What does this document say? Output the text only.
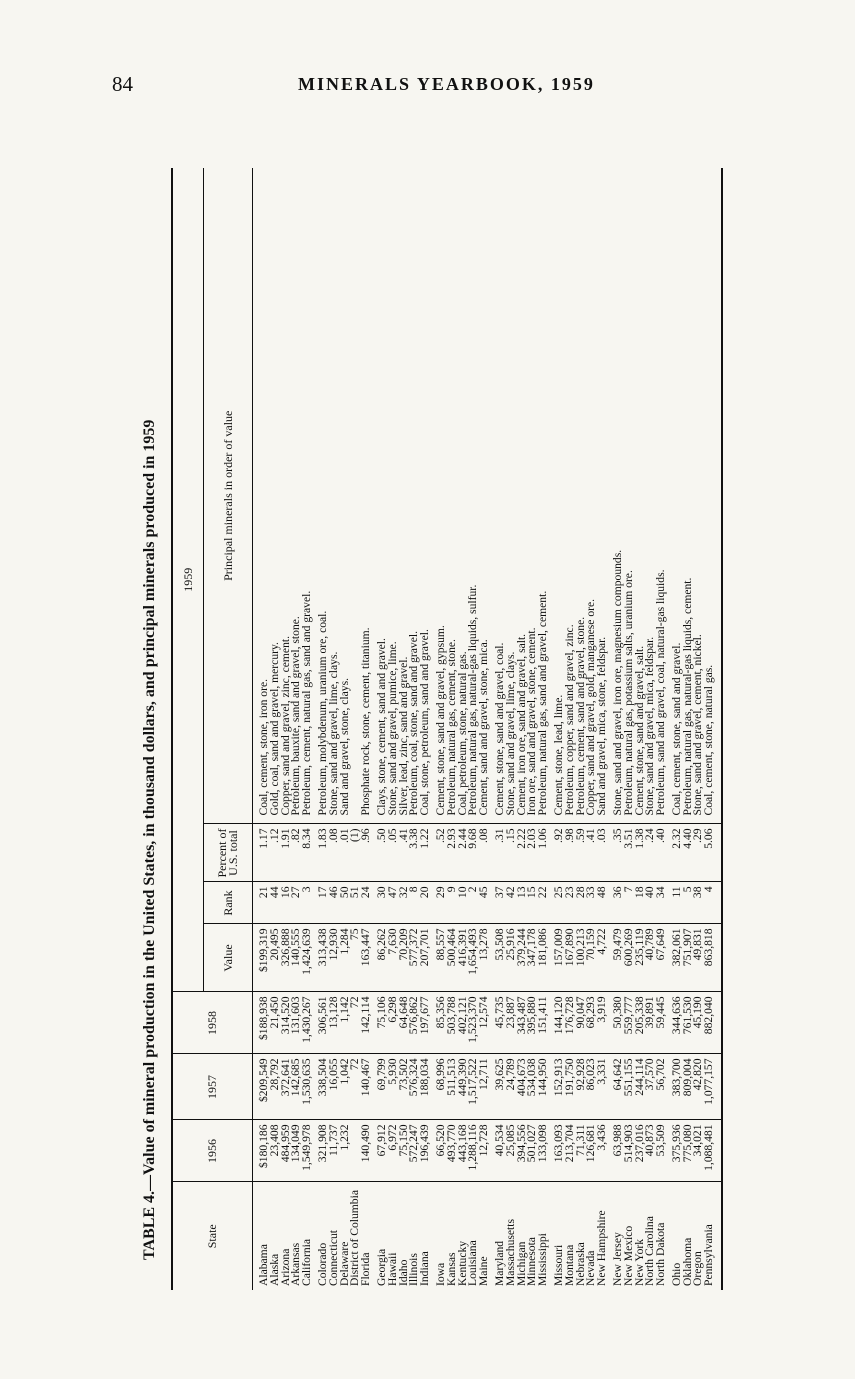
84	MINERALS YEARBOOK, 1959
TABLE 4.—Value of mineral production in the United States, in thousand dollars, and principal minerals produced in 1959	State	1956	1957	1958	1959			
				Value	Rank	Percent of U.S. total	Principal minerals in order of value
Alabama	$180,186	$209,549	$188,938	$199,319	21	1.17	Coal, cement, stone, iron ore.
Alaska	23,408	28,792	21,450	20,495	44	.12	Gold, coal, sand and gravel, mercury.
Arizona	484,959	372,641	314,520	326,888	16	1.91	Copper, sand and gravel, zinc, cement.
Arkansas	134,049	142,685	131,603	140,555	27	.82	Petroleum, bauxite, sand and gravel, stone.
California	1,549,978	1,530,635	1,430,267	1,424,639	3	8.34	Petroleum, cement, natural gas, sand and gravel.
Colorado	321,908	338,504	306,561	313,438	17	1.83	Petroleum, molybdenum, uranium ore, coal.
Connecticut	11,737	16,055	13,128	12,930	46	.08	Stone, sand and gravel, lime, clays.
Delaware	1,232	1,042	1,142	1,284	50	.01	Sand and gravel, stone, clays.
District of Columbia		72	72	75	51	(1)	
Florida	140,490	140,467	142,114	163,447	24	.96	Phosphate rock, stone, cement, titanium.
Georgia	67,912	69,799	75,106	86,262	30	.50	Clays, stone, cement, sand and gravel.
Hawaii	6,972	5,930	6,298	7,630	47	.05	Stone, sand and gravel, pumice, lime.
Idaho	75,150	73,502	64,648	70,209	32	.41	Silver, lead, zinc, sand and gravel.
Illinois	572,247	576,324	576,862	577,372	8	3.38	Petroleum, coal, stone, sand and gravel.
Indiana	196,439	188,034	197,677	207,701	20	1.22	Coal, stone, petroleum, sand and gravel.
Iowa	66,520	68,996	85,356	88,557	29	.52	Cement, stone, sand and gravel, gypsum.
Kansas	493,770	511,513	503,788	500,464	9	2.93	Petroleum, natural gas, cement, stone.
Kentucky	443,168	449,390	402,121	416,391	10	2.44	Coal, petroleum, stone, natural gas.
Louisiana	1,288,116	1,517,522	1,523,370	1,654,493	2	9.68	Petroleum, natural gas, natural-gas liquids, sulfur.
Maine	12,728	12,711	12,574	13,278	45	.08	Cement, sand and gravel, stone, mica.
Maryland	40,534	39,625	45,735	53,508	37	.31	Cement, stone, sand and gravel, coal.
Massachusetts	25,085	24,789	23,887	25,916	42	.15	Stone, sand and gravel, lime, clays.
Michigan	394,556	404,673	343,487	379,244	13	2.22	Cement, iron ore, sand and gravel, salt.
Minnesota	501,027	534,038	395,880	347,178	15	2.03	Iron ore, sand and gravel, stone, cement.
Mississippi	133,098	144,950	151,411	181,086	22	1.06	Petroleum, natural gas, sand and gravel, cement.
Missouri	163,093	152,913	144,120	157,009	25	.92	Cement, stone, lead, lime.
Montana	213,704	191,750	176,728	167,890	23	.98	Petroleum, copper, sand and gravel, zinc.
Nebraska	71,311	92,928	90,047	100,213	28	.59	Petroleum, cement, sand and gravel, stone.
Nevada	126,681	86,023	68,293	70,159	33	.41	Copper, sand and gravel, gold, manganese ore.
New Hampshire	3,436	3,331	3,919	4,722	48	.03	Sand and gravel, mica, stone, feldspar.
New Jersey	63,988	64,642	50,380	59,479	36	.35	Stone, sand and gravel, iron ore, magnesium compounds.
New Mexico	514,903	551,155	559,777	600,269	7	3.51	Petroleum, natural gas, potassium salts, uranium ore.
New York	237,016	244,114	205,338	235,119	18	1.38	Cement, stone, sand and gravel, salt.
North Carolina	40,873	37,570	39,891	40,789	40	.24	Stone, sand and gravel, mica, feldspar.
North Dakota	53,509	56,702	59,445	67,649	34	.40	Petroleum, sand and gravel, coal, natural-gas liquids.
Ohio	375,936	383,700	344,636	382,061	11	2.32	Coal, cement, stone, sand and gravel.
Oklahoma	775,080	809,004	761,530	751,907	5	4.40	Petroleum, natural gas, natural-gas liquids, cement.
Oregon	34,021	42,820	45,190	49,831	38	.29	Stone, sand and gravel, cement, nickel.
Pennsylvania	1,088,481	1,077,157	882,040	863,818	4	5.06	Coal, cement, stone, natural gas.
